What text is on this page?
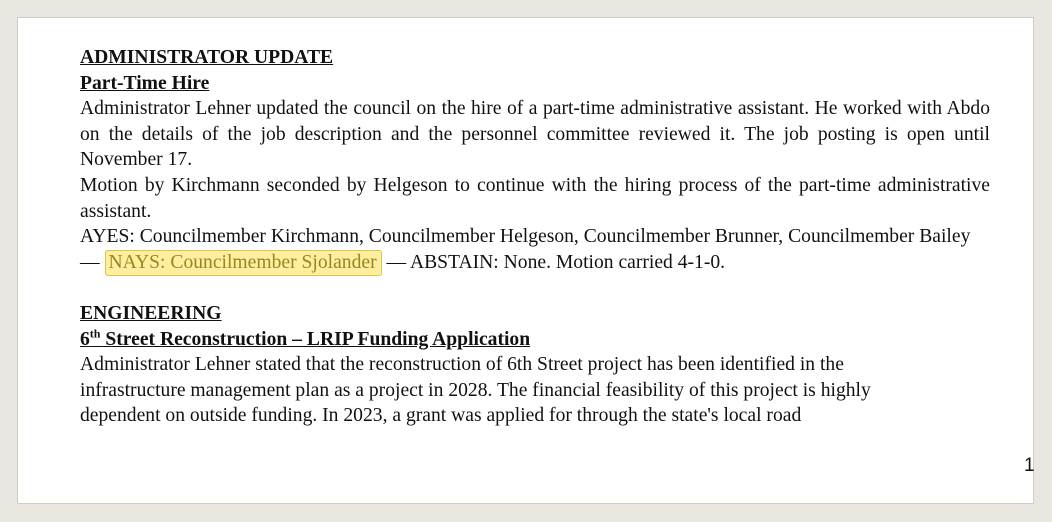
ADMINISTRATOR UPDATE

Part-Time Hire

Administrator Lehner updated the council on the hire of a part-time administrative assistant. He worked with Abdo on the details of the job description and the personnel committee reviewed it. The job posting is open until November 17.

Motion by Kirchmann seconded by Helgeson to continue with the hiring process of the part-time administrative assistant.

AYES: Councilmember Kirchmann, Councilmember Helgeson, Councilmember Brunner, Councilmember Bailey — NAYS: Councilmember Sjolander — ABSTAIN: None. Motion carried 4-1-0.

ENGINEERING

6th Street Reconstruction – LRIP Funding Application

Administrator Lehner stated that the reconstruction of 6th Street project has been identified in the

infrastructure management plan as a project in 2028. The financial feasibility of this project is highly

dependent on outside funding. In 2023, a grant was applied for through the state's local road

1
